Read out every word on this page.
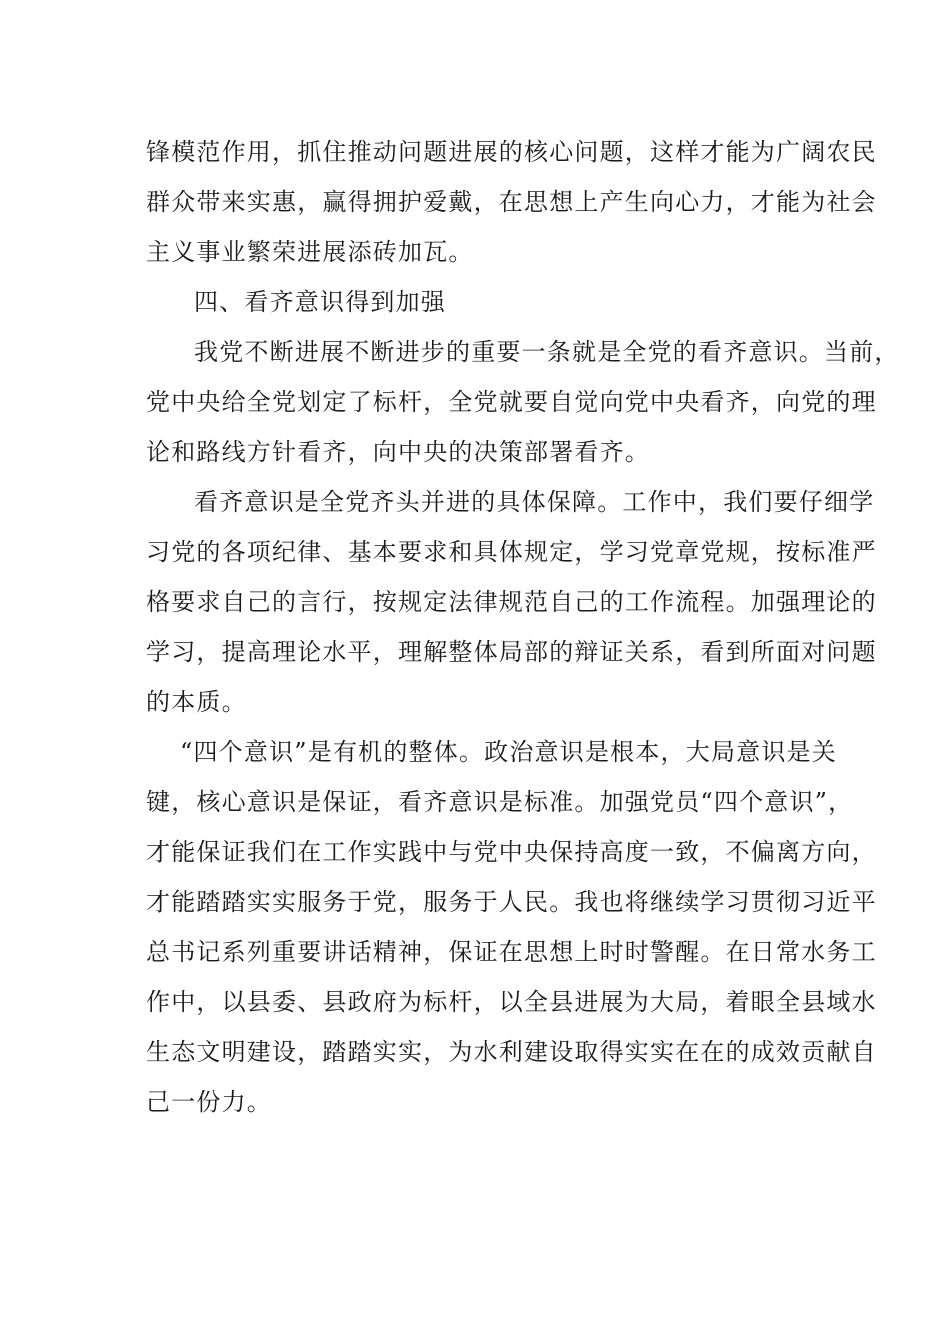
锋模范作用，抓住推动问题进展的核心问题，这样才能为广阔农民

群众带来实惠，赢得拥护爱戴，在思想上产生向心力，才能为社会

主义事业繁荣进展添砖加瓦。

四、看齐意识得到加强

我党不断进展不断进步的重要一条就是全党的看齐意识。当前，

党中央给全党划定了标杆，全党就要自觉向党中央看齐，向党的理

论和路线方针看齐，向中央的决策部署看齐。

看齐意识是全党齐头并进的具体保障。工作中，我们要仔细学

习党的各项纪律、基本要求和具体规定，学习党章党规，按标准严

格要求自己的言行，按规定法律规范自己的工作流程。加强理论的

学习，提高理论水平，理解整体局部的辩证关系，看到所面对问题

的本质。

“四个意识”是有机的整体。政治意识是根本，大局意识是关

键，核心意识是保证，看齐意识是标准。加强党员“四个意识”，

才能保证我们在工作实践中与党中央保持高度一致，不偏离方向，

才能踏踏实实服务于党，服务于人民。我也将继续学习贯彻习近平

总书记系列重要讲话精神，保证在思想上时时警醒。在日常水务工

作中，以县委、县政府为标杆，以全县进展为大局，着眼全县域水

生态文明建设，踏踏实实，为水利建设取得实实在在的成效贡献自

己一份力。
